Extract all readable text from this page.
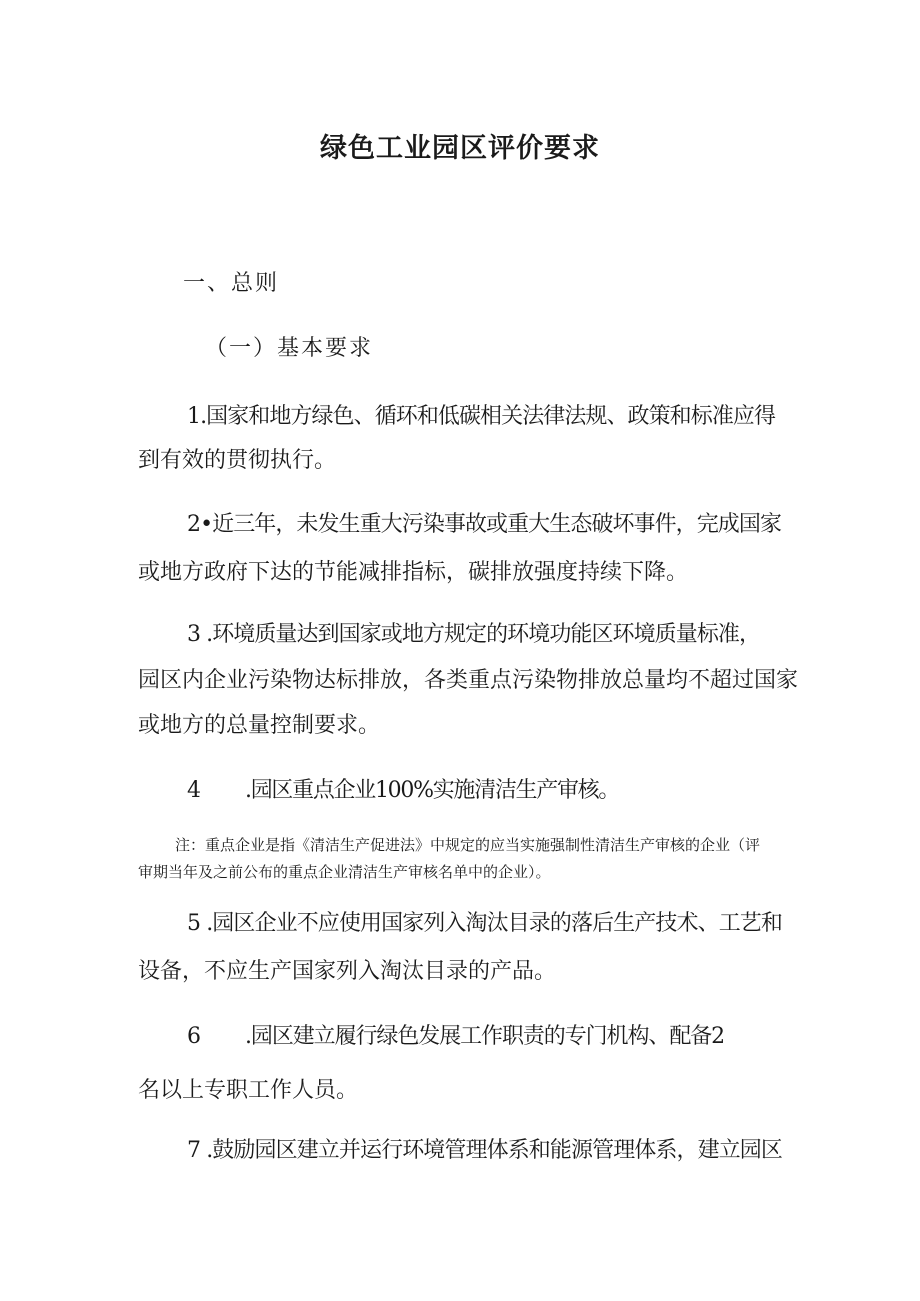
绿色工业园区评价要求
一、总则
（一）基本要求
1.国家和地方绿色、循环和低碳相关法律法规、政策和标准应得
到有效的贯彻执行。
2•近三年，未发生重大污染事故或重大生态破坏事件，完成国家
或地方政府下达的节能减排指标，碳排放强度持续下降。
3 .环境质量达到国家或地方规定的环境功能区环境质量标准，
园区内企业污染物达标排放，各类重点污染物排放总量均不超过国家
或地方的总量控制要求。
4 .园区重点企业100%实施清洁生产审核。
注：重点企业是指《清洁生产促进法》中规定的应当实施强制性清洁生产审核的企业（评
审期当年及之前公布的重点企业清洁生产审核名单中的企业）。
5 .园区企业不应使用国家列入淘汰目录的落后生产技术、工艺和
设备，不应生产国家列入淘汰目录的产品。
6 .园区建立履行绿色发展工作职责的专门机构、配备2
名以上专职工作人员。
7 .鼓励园区建立并运行环境管理体系和能源管理体系，建立园区
